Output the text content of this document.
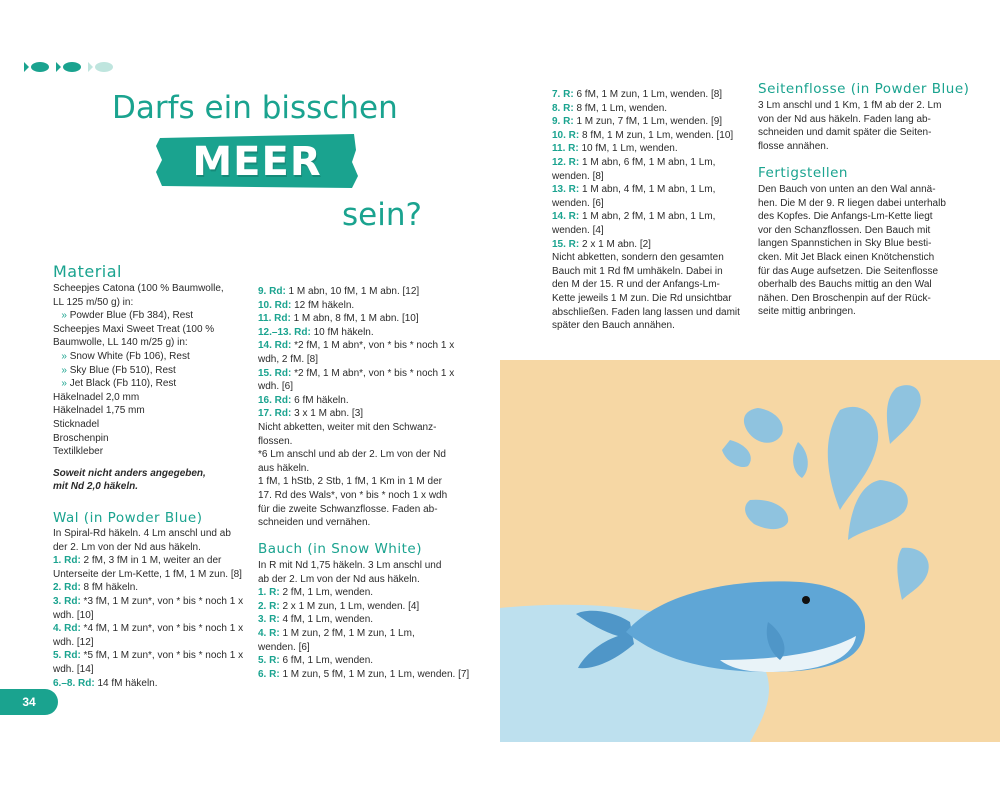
Darfs ein bisschen
MEER
sein?
Material
Scheepjes Catona (100 % Baumwolle,
LL 125 m/50 g) in:
» Powder Blue (Fb 384), Rest
Scheepjes Maxi Sweet Treat (100 %
Baumwolle, LL 140 m/25 g) in:
» Snow White (Fb 106), Rest
» Sky Blue (Fb 510), Rest
» Jet Black (Fb 110), Rest
Häkelnadel 2,0 mm
Häkelnadel 1,75 mm
Sticknadel
Broschenpin
Textilkleber
Soweit nicht anders angegeben,
mit Nd 2,0 häkeln.
Wal (in Powder Blue)
In Spiral-Rd häkeln. 4 Lm anschl und ab
der 2. Lm von der Nd aus häkeln.
1. Rd: 2 fM, 3 fM in 1 M, weiter an der
Unterseite der Lm-Kette, 1 fM, 1 M zun. [8]
2. Rd: 8 fM häkeln.
3. Rd: *3 fM, 1 M zun*, von * bis * noch 1 x
wdh. [10]
4. Rd: *4 fM, 1 M zun*, von * bis * noch 1 x
wdh. [12]
5. Rd: *5 fM, 1 M zun*, von * bis * noch 1 x
wdh. [14]
6.–8. Rd: 14 fM häkeln.
34
9. Rd: 1 M abn, 10 fM, 1 M abn. [12]
10. Rd: 12 fM häkeln.
11. Rd: 1 M abn, 8 fM, 1 M abn. [10]
12.–13. Rd: 10 fM häkeln.
14. Rd: *2 fM, 1 M abn*, von * bis * noch 1 x
wdh, 2 fM. [8]
15. Rd: *2 fM, 1 M abn*, von * bis * noch 1 x
wdh. [6]
16. Rd: 6 fM häkeln.
17. Rd: 3 x 1 M abn. [3]
Nicht abketten, weiter mit den Schwanz-
flossen.
*6 Lm anschl und ab der 2. Lm von der Nd
aus häkeln.
1 fM, 1 hStb, 2 Stb, 1 fM, 1 Km in 1 M der
17. Rd des Wals*, von * bis * noch 1 x wdh
für die zweite Schwanzflosse. Faden ab-
schneiden und vernähen.
Bauch (in Snow White)
In R mit Nd 1,75 häkeln. 3 Lm anschl und
ab der 2. Lm von der Nd aus häkeln.
1. R: 2 fM, 1 Lm, wenden.
2. R: 2 x 1 M zun, 1 Lm, wenden. [4]
3. R: 4 fM, 1 Lm, wenden.
4. R: 1 M zun, 2 fM, 1 M zun, 1 Lm,
wenden. [6]
5. R: 6 fM, 1 Lm, wenden.
6. R: 1 M zun, 5 fM, 1 M zun, 1 Lm, wenden. [7]
7. R: 6 fM, 1 M zun, 1 Lm, wenden. [8]
8. R: 8 fM, 1 Lm, wenden.
9. R: 1 M zun, 7 fM, 1 Lm, wenden. [9]
10. R: 8 fM, 1 M zun, 1 Lm, wenden. [10]
11. R: 10 fM, 1 Lm, wenden.
12. R: 1 M abn, 6 fM, 1 M abn, 1 Lm,
wenden. [8]
13. R: 1 M abn, 4 fM, 1 M abn, 1 Lm,
wenden. [6]
14. R: 1 M abn, 2 fM, 1 M abn, 1 Lm,
wenden. [4]
15. R: 2 x 1 M abn. [2]
Nicht abketten, sondern den gesamten
Bauch mit 1 Rd fM umhäkeln. Dabei in
den M der 15. R und der Anfangs-Lm-
Kette jeweils 1 M zun. Die Rd unsichtbar
abschließen. Faden lang lassen und damit
später den Bauch annähen.
Seitenflosse (in Powder Blue)
3 Lm anschl und 1 Km, 1 fM ab der 2. Lm
von der Nd aus häkeln. Faden lang ab-
schneiden und damit später die Seiten-
flosse annähen.
Fertigstellen
Den Bauch von unten an den Wal annä-
hen. Die M der 9. R liegen dabei unterhalb
des Kopfes. Die Anfangs-Lm-Kette liegt
vor den Schanzflossen. Den Bauch mit
langen Spannstichen in Sky Blue besti-
cken. Mit Jet Black einen Knötchenstich
für das Auge aufsetzen. Die Seitenflosse
oberhalb des Bauchs mittig an den Wal
nähen. Den Broschenpin auf der Rück-
seite mittig anbringen.
